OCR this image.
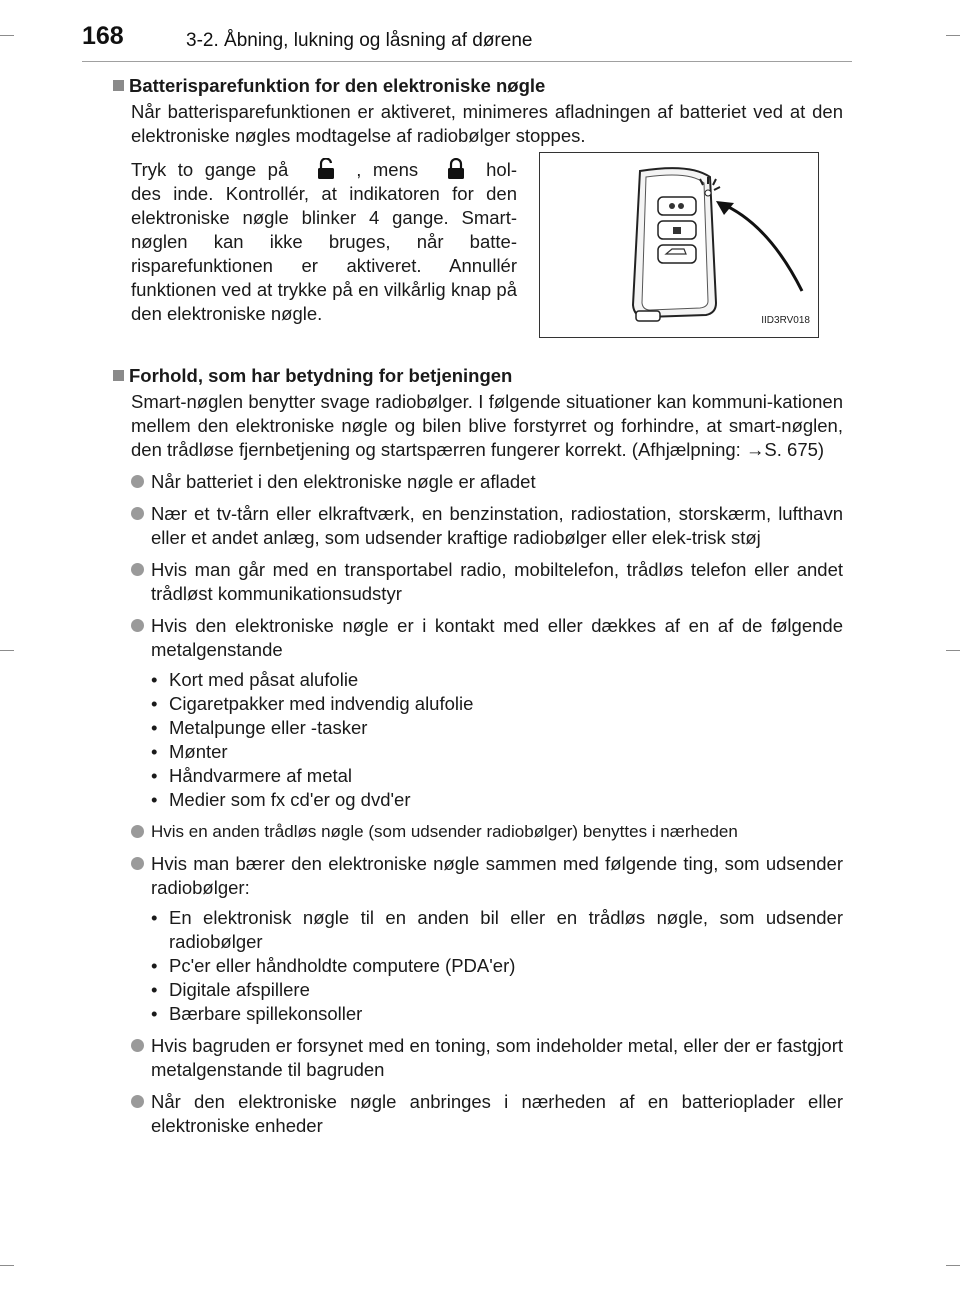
168	3-2. Åbning, lukning og låsning af dørene
Batterisparefunktion for den elektroniske nøgle

Når batterisparefunktionen er aktiveret, minimeres afladningen af batteriet ved at den elektroniske nøgles modtagelse af radiobølger stoppes.

Tryk to gange på	, mens	hol-des inde. Kontrollér, at indikatoren for den elektroniske nøgle blinker 4 gange. Smart-nøglen kan ikke bruges, når batte-risparefunktionen er aktiveret. Annullér funktionen ved at trykke på en vilkårlig knap på den elektroniske nøgle.	IID3RV018
Forhold, som har betydning for betjeningen

Smart-nøglen benytter svage radiobølger. I følgende situationer kan kommuni-kationen mellem den elektroniske nøgle og bilen blive forstyrret og forhindre, at smart-nøglen, den trådløse fjernbetjening og startspærren fungerer korrekt. (Afhjælpning: →S. 675)

Når batteriet i den elektroniske nøgle er afladet
Nær et tv-tårn eller elkraftværk, en benzinstation, radiostation, storskærm, lufthavn eller et andet anlæg, som udsender kraftige radiobølger eller elek-trisk støj
Hvis man går med en transportabel radio, mobiltelefon, trådløs telefon eller andet trådløst kommunikationsudstyr
Hvis den elektroniske nøgle er i kontakt med eller dækkes af en af de følgende metalgenstande
• Kort med påsat alufolie
• Cigaretpakker med indvendig alufolie
• Metalpunge eller -tasker
• Mønter
• Håndvarmere af metal
• Medier som fx cd'er og dvd'er
Hvis en anden trådløs nøgle (som udsender radiobølger) benyttes i nærheden
Hvis man bærer den elektroniske nøgle sammen med følgende ting, som udsender radiobølger:
• En elektronisk nøgle til en anden bil eller en trådløs nøgle, som udsender radiobølger
• Pc'er eller håndholdte computere (PDA'er)
• Digitale afspillere
• Bærbare spillekonsoller
Hvis bagruden er forsynet med en toning, som indeholder metal, eller der er fastgjort metalgenstande til bagruden
Når den elektroniske nøgle anbringes i nærheden af en batterioplader eller elektroniske enheder
